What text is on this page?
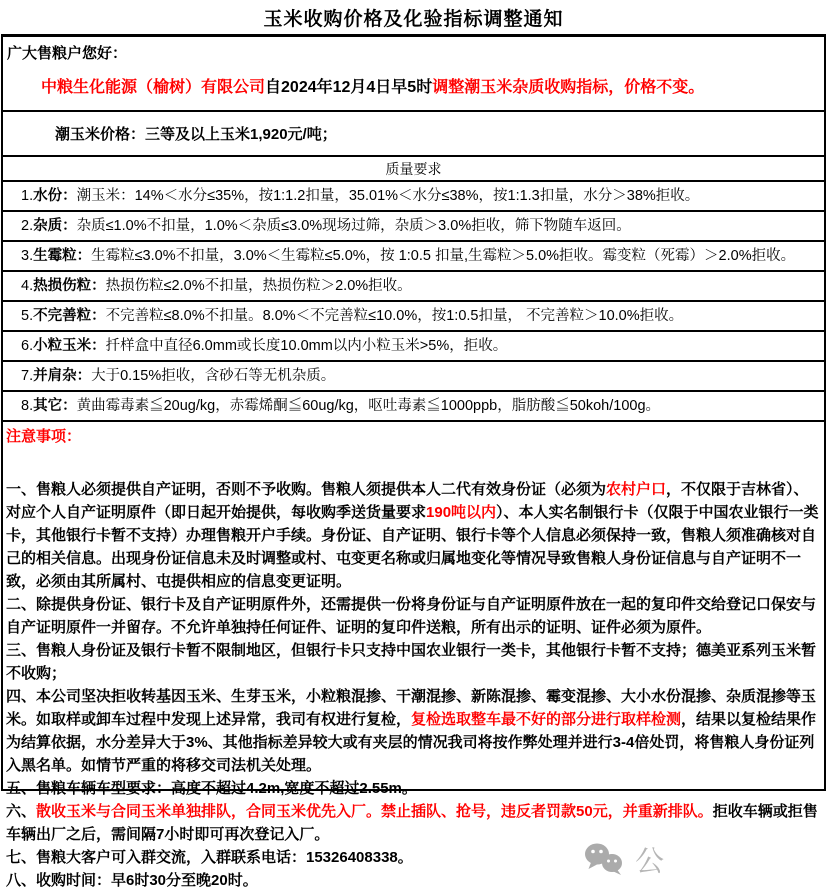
玉米收购价格及化验指标调整通知

广大售粮户您好：

中粮生化能源（榆树）有限公司自2024年12月4日早5时调整潮玉米杂质收购指标，价格不变。

潮玉米价格：三等及以上玉米1,920元/吨；

质量要求

1.水份：潮玉米：14%＜水分≤35%，按1:1.2扣量，35.01%＜水分≤38%，按1:1.3扣量，水分＞38%拒收。

2.杂质：杂质≤1.0%不扣量，1.0%＜杂质≤3.0%现场过筛，杂质＞3.0%拒收，筛下物随车返回。

3.生霉粒：生霉粒≤3.0%不扣量，3.0%＜生霉粒≤5.0%，按 1:0.5 扣量,生霉粒＞5.0%拒收。霉变粒（死霉）＞2.0%拒收。

4.热损伤粒：热损伤粒≤2.0%不扣量，热损伤粒＞2.0%拒收。

5.不完善粒：不完善粒≤8.0%不扣量。8.0%＜不完善粒≤10.0%，按1:0.5扣量， 不完善粒＞10.0%拒收。

6.小粒玉米：扦样盒中直径6.0mm或长度10.0mm以内小粒玉米>5%，拒收。

7.并肩杂：大于0.15%拒收，含砂石等无机杂质。

8.其它：黄曲霉毒素≦20ug/kg，赤霉烯酮≦60ug/kg，呕吐毒素≦1000ppb，脂肪酸≦50koh/100g。

注意事项：

一、售粮人必须提供自产证明，否则不予收购。售粮人须提供本人二代有效身份证（必须为农村户口，不仅限于吉林省）、对应个人自产证明原件（即日起开始提供，每收购季送货量要求190吨以内）、本人实名制银行卡（仅限于中国农业银行一类卡，其他银行卡暂不支持）办理售粮开户手续。身份证、自产证明、银行卡等个人信息必须保持一致，售粮人须准确核对自己的相关信息。出现身份证信息未及时调整或村、屯变更名称或归属地变化等情况导致售粮人身份证信息与自产证明不一致，必须由其所属村、屯提供相应的信息变更证明。

二、除提供身份证、银行卡及自产证明原件外，还需提供一份将身份证与自产证明原件放在一起的复印件交给登记口保安与自产证明原件一并留存。不允许单独持任何证件、证明的复印件送粮，所有出示的证明、证件必须为原件。

三、售粮人身份证及银行卡暂不限制地区，但银行卡只支持中国农业银行一类卡，其他银行卡暂不支持；德美亚系列玉米暂不收购；

四、本公司坚决拒收转基因玉米、生芽玉米，小粒粮混掺、干潮混掺、新陈混掺、霉变混掺、大小水份混掺、杂质混掺等玉米。如取样或卸车过程中发现上述异常，我司有权进行复检，复检选取整车最不好的部分进行取样检测，结果以复检结果作为结算依据，水分差异大于3%、其他指标差异较大或有夹层的情况我司将按作弊处理并进行3-4倍处罚，将售粮人身份证列入黑名单。如情节严重的将移交司法机关处理。

五、售粮车辆车型要求：高度不超过4.2m,宽度不超过2.55m。

六、散收玉米与合同玉米单独排队，合同玉米优先入厂。禁止插队、抢号，违反者罚款50元，并重新排队。拒收车辆或拒售车辆出厂之后，需间隔7小时即可再次登记入厂。

七、售粮大客户可入群交流，入群联系电话：15326408338。

八、收购时间：早6时30分至晚20时。

公
